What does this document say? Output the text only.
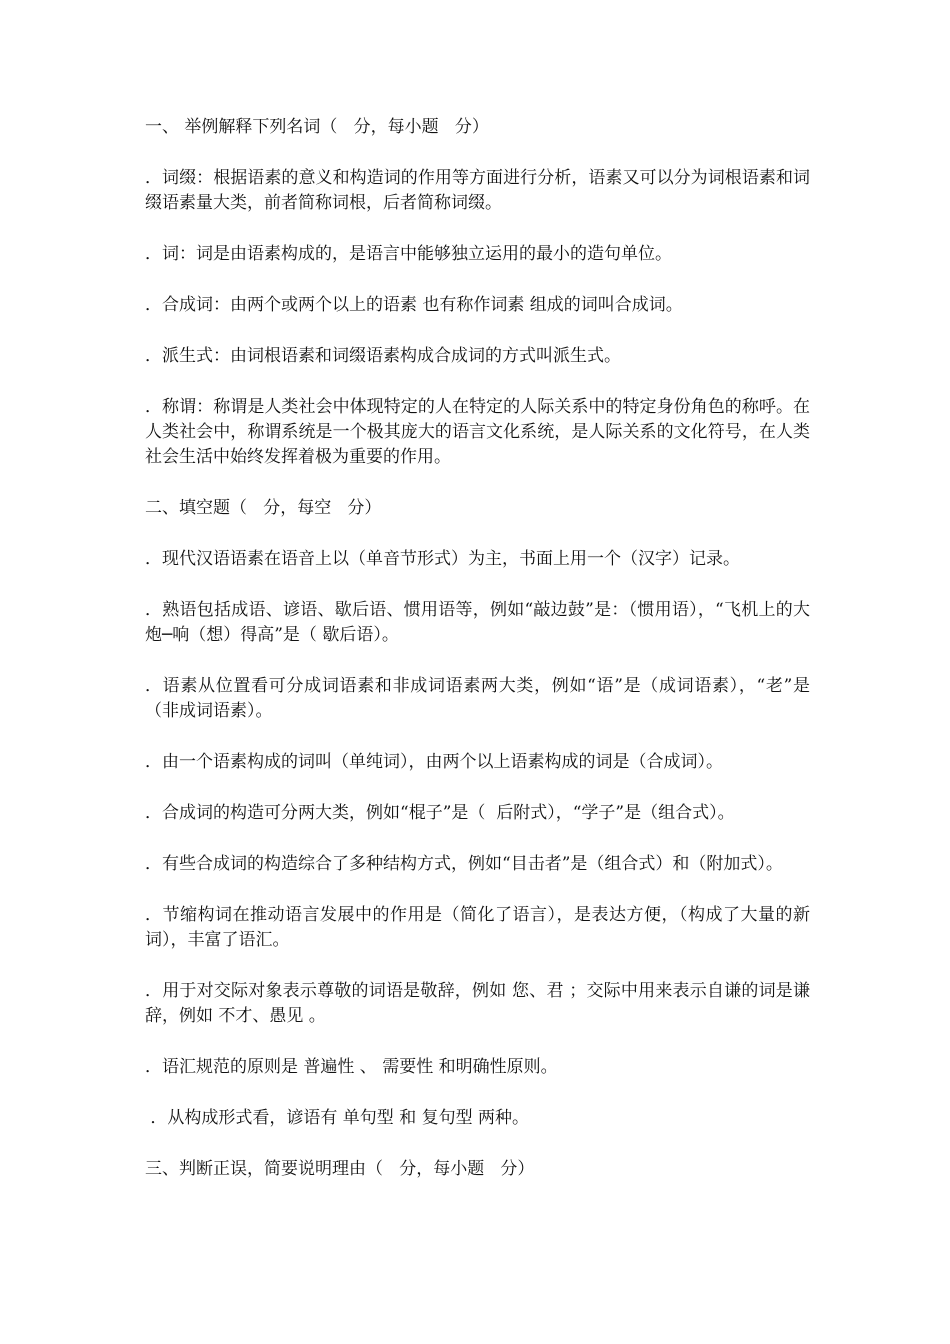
一、 举例解释下列名词（   分，每小题   分）
．词缀：根据语素的意义和构造词的作用等方面进行分析，语素又可以分为词根语素和词缀语素量大类，前者简称词根，后者简称词缀。
．词：词是由语素构成的，是语言中能够独立运用的最小的造句单位。
．合成词：由两个或两个以上的语素 也有称作词素 组成的词叫合成词。
．派生式：由词根语素和词缀语素构成合成词的方式叫派生式。
．称谓：称谓是人类社会中体现特定的人在特定的人际关系中的特定身份角色的称呼。在人类社会中，称谓系统是一个极其庞大的语言文化系统，是人际关系的文化符号，在人类社会生活中始终发挥着极为重要的作用。
二、填空题（   分，每空   分）
．现代汉语语素在语音上以（单音节形式）为主，书面上用一个（汉字）记录。
．熟语包括成语、谚语、歇后语、惯用语等，例如“敲边鼓”是：（惯用语），“飞机上的大炮─响（想）得高”是（ 歇后语）。
．语素从位置看可分成词语素和非成词语素两大类，例如“语”是（成词语素），“老”是（非成词语素）。
．由一个语素构成的词叫（单纯词），由两个以上语素构成的词是（合成词）。
．合成词的构造可分两大类，例如“棍子”是（  后附式），“学子”是（组合式）。
．有些合成词的构造综合了多种结构方式，例如“目击者”是（组合式）和（附加式）。
．节缩构词在推动语言发展中的作用是（简化了语言），是表达方便，（构成了大量的新词），丰富了语汇。
．用于对交际对象表示尊敬的词语是敬辞，例如 您、君 ；交际中用来表示自谦的词是谦辞，例如 不才、愚见 。
．语汇规范的原则是 普遍性 、 需要性 和明确性原则。
．从构成形式看，谚语有 单句型 和 复句型 两种。
三、判断正误，简要说明理由（   分，每小题   分）
